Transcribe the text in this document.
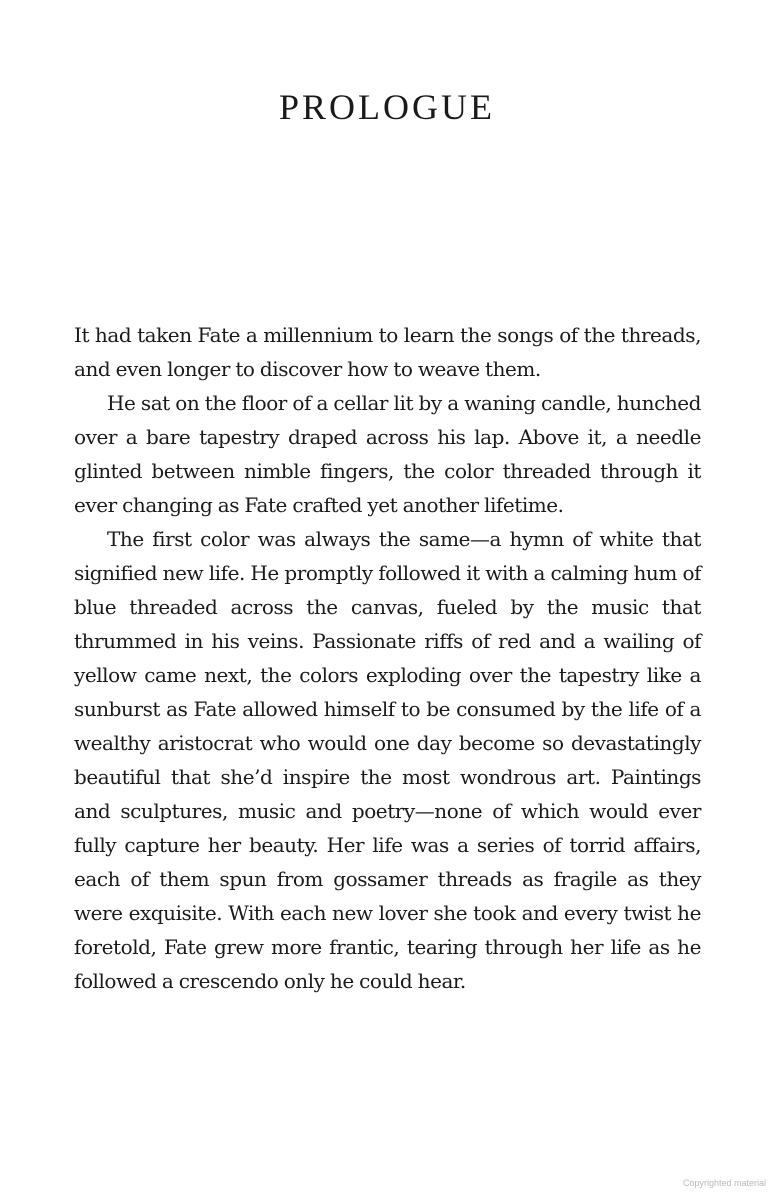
PROLOGUE

It had taken Fate a millennium to learn the songs of the threads, and even longer to discover how to weave them.

He sat on the floor of a cellar lit by a waning candle, hunched over a bare tapestry draped across his lap. Above it, a needle glinted between nimble fingers, the color threaded through it ever changing as Fate crafted yet another lifetime.

The first color was always the same—a hymn of white that signified new life. He promptly followed it with a calming hum of blue threaded across the canvas, fueled by the music that thrummed in his veins. Passionate riffs of red and a wailing of yellow came next, the colors exploding over the tapestry like a sunburst as Fate allowed himself to be consumed by the life of a wealthy aristocrat who would one day become so devastatingly beautiful that she’d inspire the most wondrous art. Paintings and sculptures, music and poetry—none of which would ever fully capture her beauty. Her life was a series of torrid affairs, each of them spun from gossamer threads as fragile as they were exquisite. With each new lover she took and every twist he foretold, Fate grew more frantic, tearing through her life as he followed a crescendo only he could hear.

Copyrighted material
